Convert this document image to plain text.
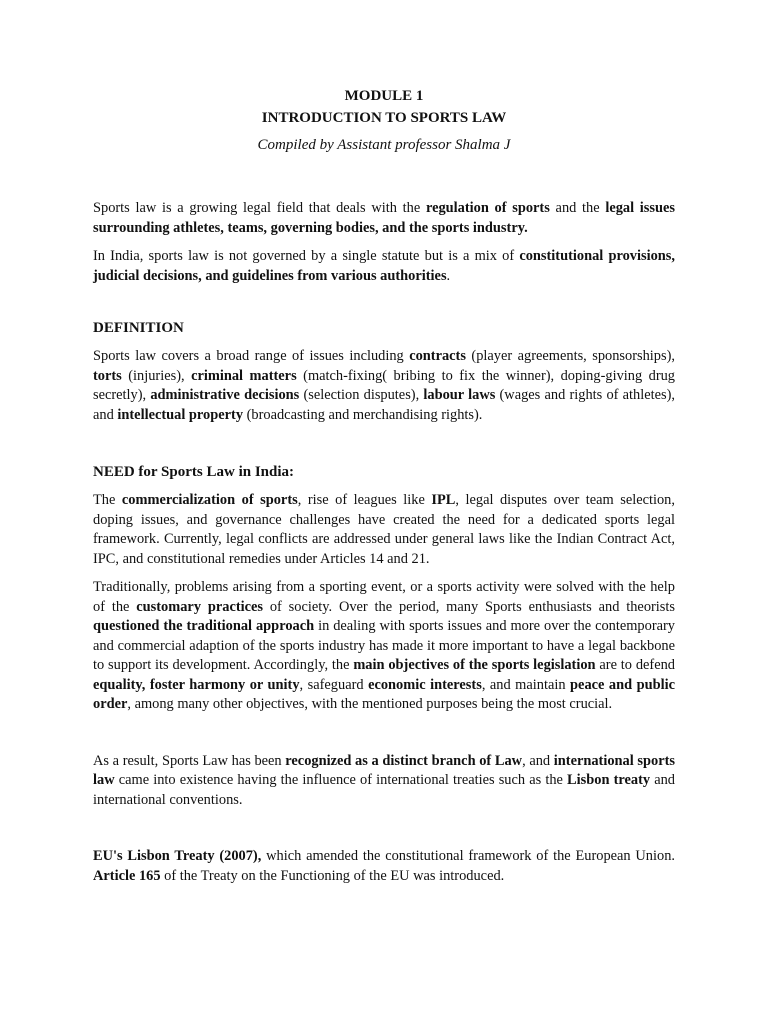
MODULE 1
INTRODUCTION TO SPORTS LAW
Compiled by Assistant professor Shalma J

Sports law is a growing legal field that deals with the regulation of sports and the legal issues surrounding athletes, teams, governing bodies, and the sports industry.

In India, sports law is not governed by a single statute but is a mix of constitutional provisions, judicial decisions, and guidelines from various authorities.

DEFINITION

Sports law covers a broad range of issues including contracts (player agreements, sponsorships), torts (injuries), criminal matters (match-fixing( bribing to fix the winner), doping-giving drug secretly), administrative decisions (selection disputes), labour laws (wages and rights of athletes), and intellectual property (broadcasting and merchandising rights).

NEED for Sports Law in India:

The commercialization of sports, rise of leagues like IPL, legal disputes over team selection, doping issues, and governance challenges have created the need for a dedicated sports legal framework. Currently, legal conflicts are addressed under general laws like the Indian Contract Act, IPC, and constitutional remedies under Articles 14 and 21.

Traditionally, problems arising from a sporting event, or a sports activity were solved with the help of the customary practices of society. Over the period, many Sports enthusiasts and theorists questioned the traditional approach in dealing with sports issues and more over the contemporary and commercial adaption of the sports industry has made it more important to have a legal backbone to support its development. Accordingly, the main objectives of the sports legislation are to defend equality, foster harmony or unity, safeguard economic interests, and maintain peace and public order, among many other objectives, with the mentioned purposes being the most crucial.

As a result, Sports Law has been recognized as a distinct branch of Law, and international sports law came into existence having the influence of international treaties such as the Lisbon treaty and international conventions.

EU's Lisbon Treaty (2007), which amended the constitutional framework of the European Union. Article 165 of the Treaty on the Functioning of the EU was introduced.
